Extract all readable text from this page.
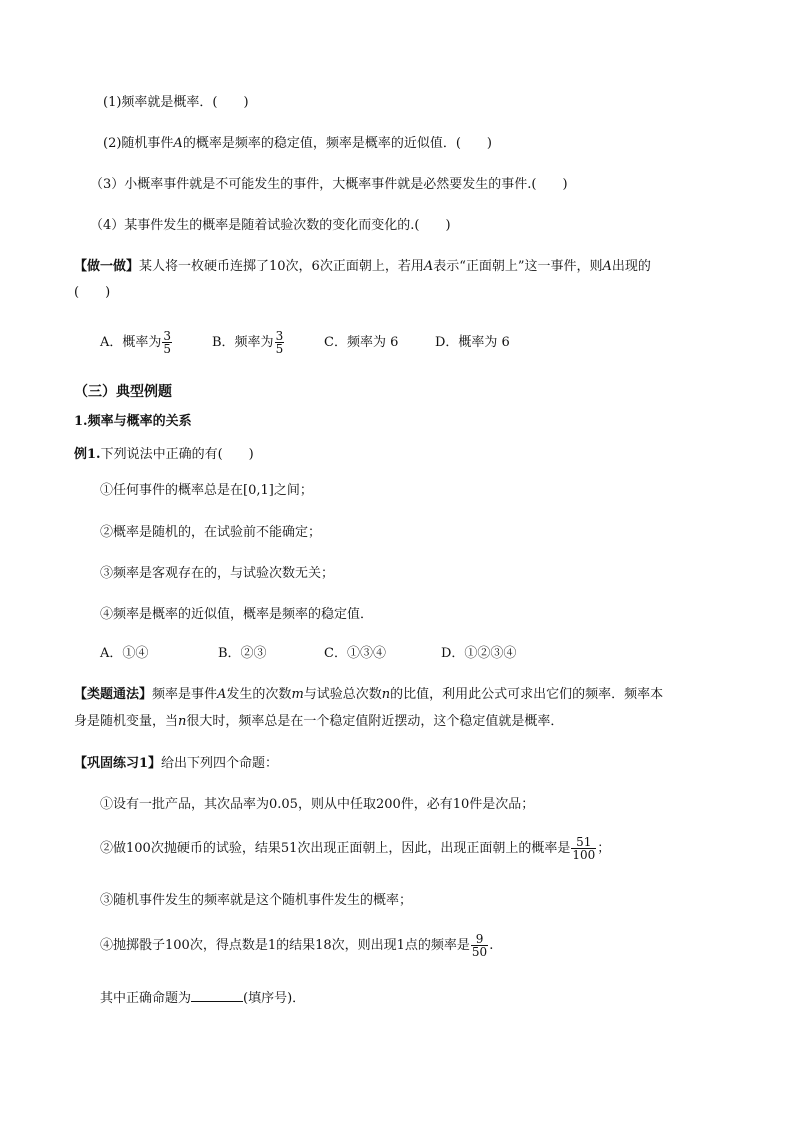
(1)频率就是概率．(　　)
(2)随机事件A的概率是频率的稳定值，频率是概率的近似值．(　　)
（3）小概率事件就是不可能发生的事件，大概率事件就是必然要发生的事件.(　　)
（4）某事件发生的概率是随着试验次数的变化而变化的.(　　)
【做一做】某人将一枚硬币连掷了10次，6次正面朝上，若用A表示“正面朝上”这一事件，则A出现的
(　　)
A．概率为 $\frac{3}{5}$	B．频率为 $\frac{3}{5}$	C．频率为 6	D．概率为 6
（三）典型例题
1.频率与概率的关系
例1.下列说法中正确的有(　　)
①任何事件的概率总是在[0,1]之间；
②概率是随机的，在试验前不能确定；
③频率是客观存在的，与试验次数无关；
④频率是概率的近似值，概率是频率的稳定值．
A．①④	B．②③	C．①③④	D．①②③④
【类题通法】频率是事件A发生的次数m与试验总次数n的比值，利用此公式可求出它们的频率．频率本
身是随机变量，当n很大时，频率总是在一个稳定值附近摆动，这个稳定值就是概率．
【巩固练习1】给出下列四个命题：
①设有一批产品，其次品率为0.05，则从中任取200件，必有10件是次品；
②做100次抛硬币的试验，结果51次出现正面朝上，因此，出现正面朝上的概率是 $\frac{51}{100}$ ；
③随机事件发生的频率就是这个随机事件发生的概率；
④抛掷骰子100次，得点数是1的结果18次，则出现1点的频率是 $\frac{9}{50}$ .
其中正确命题为	(填序号)．
